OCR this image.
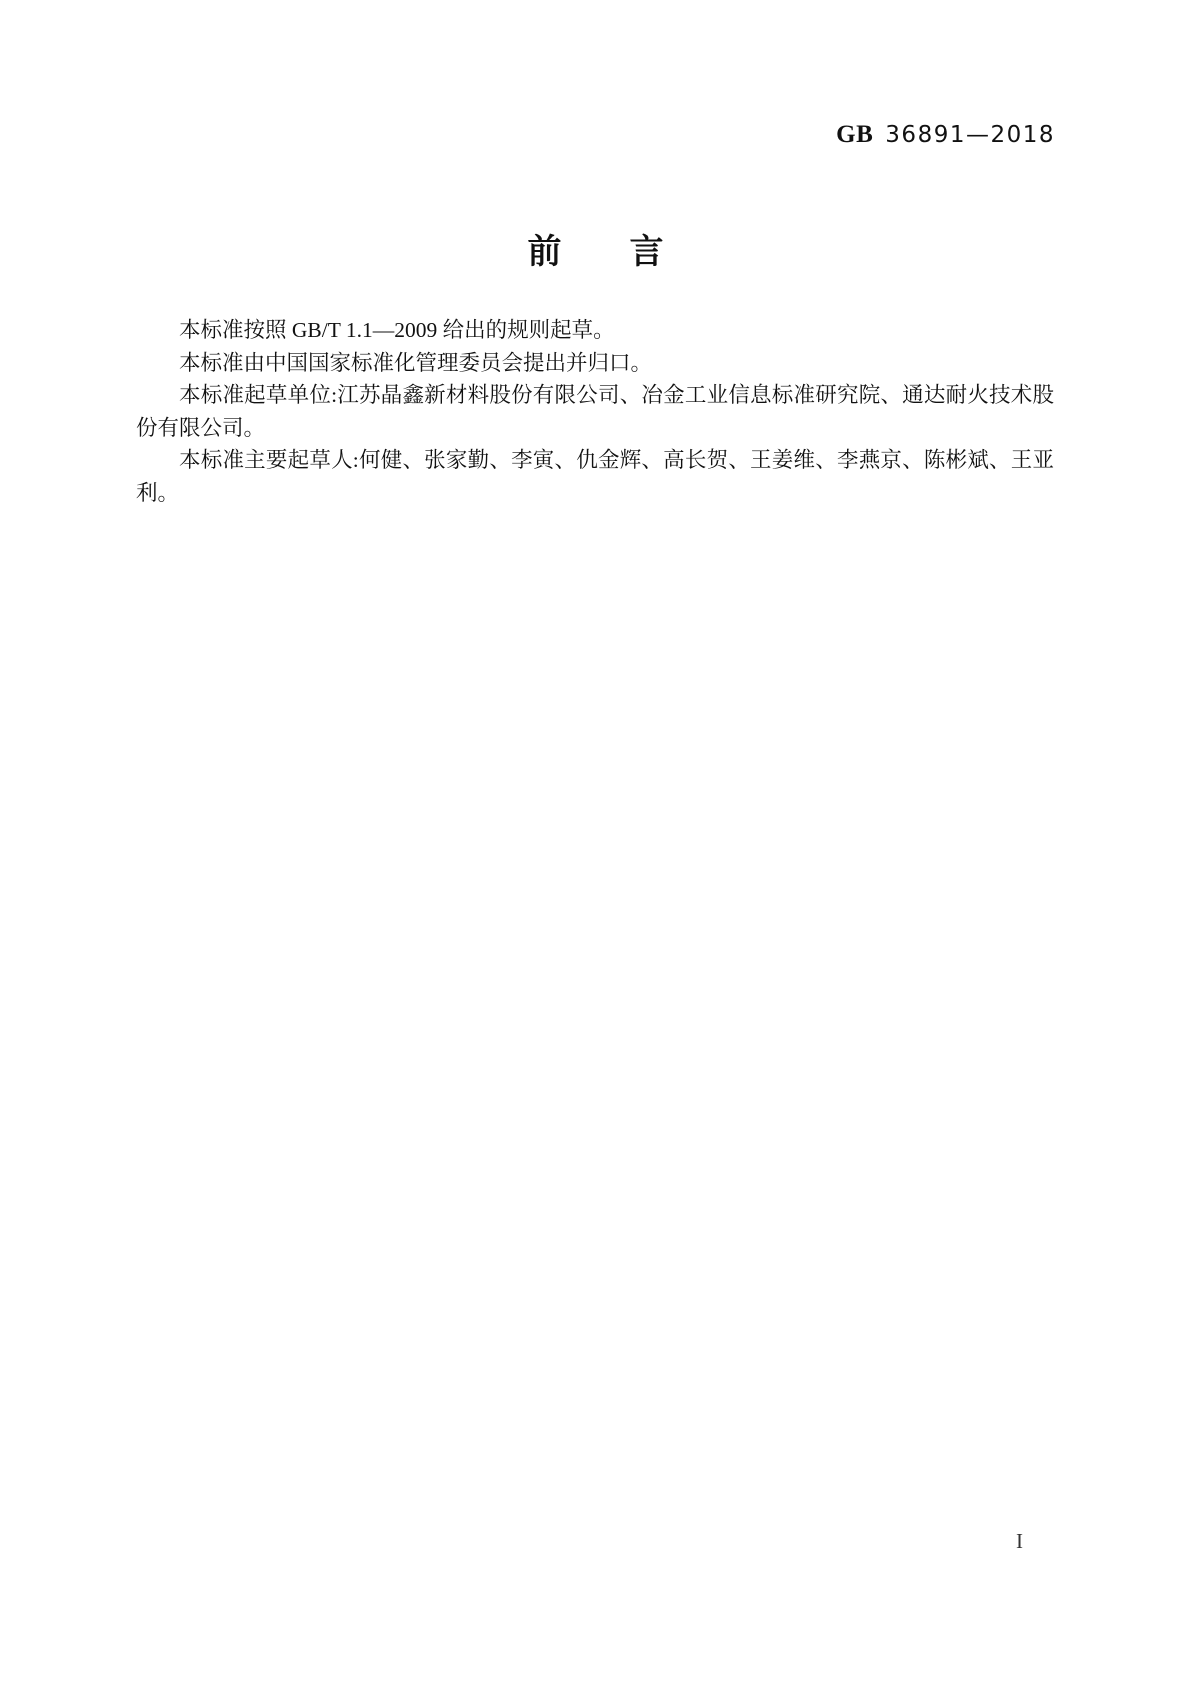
GB 36891—2018
前　　言

本标准按照 GB/T 1.1—2009 给出的规则起草。

本标准由中国国家标准化管理委员会提出并归口。

本标准起草单位:江苏晶鑫新材料股份有限公司、冶金工业信息标准研究院、通达耐火技术股份有限公司。

本标准主要起草人:何健、张家勤、李寅、仇金辉、高长贺、王姜维、李燕京、陈彬斌、王亚利。

I
